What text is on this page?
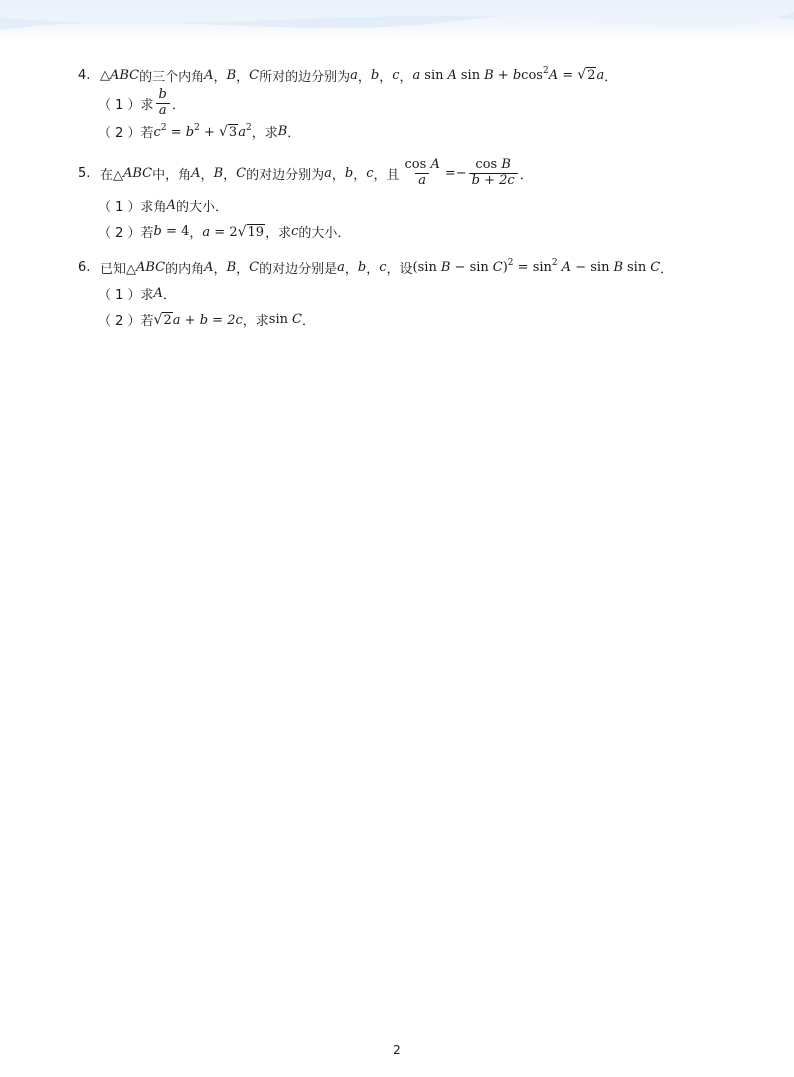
4. △ ABC 的三个内角 A ， B ， C 所对的边分别为 a ， b ， c ， a sin A sin B + bcos$^2$A = √ 2 a ．
（ 1 ）求 $\frac{b}{a}$ ．
（ 2 ）若 $c^2 = b^2$ + √ 3 $a^2$ ，求 B ．
5. 在△ ABC 中，角 A ， B ， C 的对边分别为 a ， b ， c ，且 $\frac{\text{cos A}}{a}$ = − $\frac{\text{cos B}}{b + 2c}$ ．
（ 1 ）求角 A 的大小．
（ 2 ）若 b = 4 ， a = 2 √ 19 ，求 c 的大小．
6. 已知△ ABC 的内角 A ， B ， C 的对边分别是 a ， b ， c ，设 (sin $B - \sin C)^2 = \sin^2 A - \sin B$ sin C ．
（ 1 ）求 A ．
（ 2 ）若 √ 2 a + b = 2c ，求 sin C ．
2
